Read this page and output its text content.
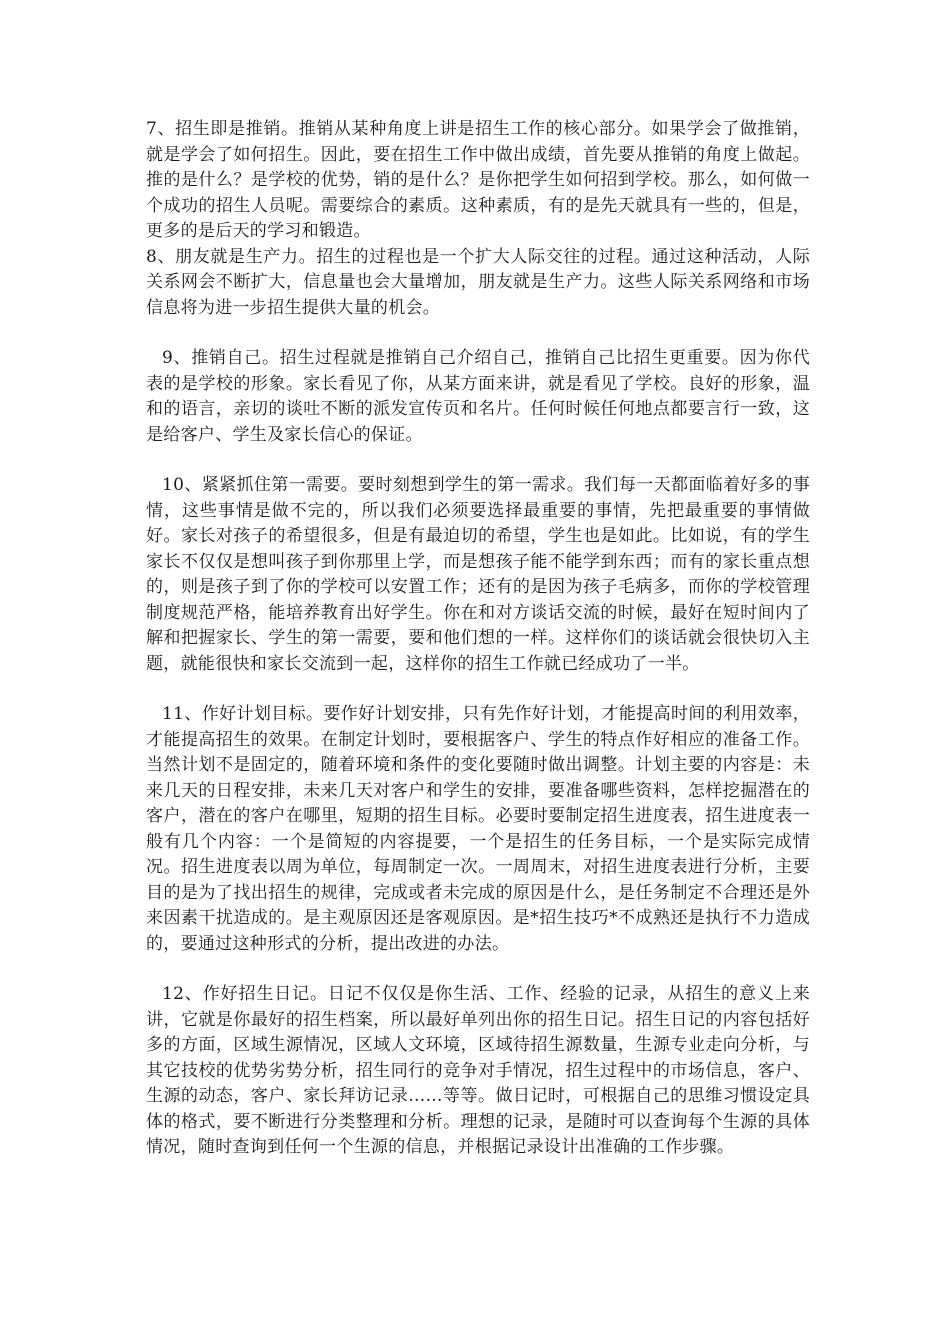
7、招生即是推销。推销从某种角度上讲是招生工作的核心部分。如果学会了做推销，就是学会了如何招生。因此，要在招生工作中做出成绩，首先要从推销的角度上做起。推的是什么？是学校的优势，销的是什么？是你把学生如何招到学校。那么，如何做一个成功的招生人员呢。需要综合的素质。这种素质，有的是先天就具有一些的，但是，更多的是后天的学习和锻造。

8、朋友就是生产力。招生的过程也是一个扩大人际交往的过程。通过这种活动，人际关系网会不断扩大，信息量也会大量增加，朋友就是生产力。这些人际关系网络和市场信息将为进一步招生提供大量的机会。

9、推销自己。招生过程就是推销自己介绍自己，推销自己比招生更重要。因为你代表的是学校的形象。家长看见了你，从某方面来讲，就是看见了学校。良好的形象，温和的语言，亲切的谈吐不断的派发宣传页和名片。任何时候任何地点都要言行一致，这是给客户、学生及家长信心的保证。

10、紧紧抓住第一需要。要时刻想到学生的第一需求。我们每一天都面临着好多的事情，这些事情是做不完的，所以我们必须要选择最重要的事情，先把最重要的事情做好。家长对孩子的希望很多，但是有最迫切的希望，学生也是如此。比如说，有的学生家长不仅仅是想叫孩子到你那里上学，而是想孩子能不能学到东西；而有的家长重点想的，则是孩子到了你的学校可以安置工作；还有的是因为孩子毛病多，而你的学校管理制度规范严格，能培养教育出好学生。你在和对方谈话交流的时候，最好在短时间内了解和把握家长、学生的第一需要，要和他们想的一样。这样你们的谈话就会很快切入主题，就能很快和家长交流到一起，这样你的招生工作就已经成功了一半。

11、作好计划目标。要作好计划安排，只有先作好计划，才能提高时间的利用效率，才能提高招生的效果。在制定计划时，要根据客户、学生的特点作好相应的准备工作。当然计划不是固定的，随着环境和条件的变化要随时做出调整。计划主要的内容是：未来几天的日程安排，未来几天对客户和学生的安排，要准备哪些资料，怎样挖掘潜在的客户，潜在的客户在哪里，短期的招生目标。必要时要制定招生进度表，招生进度表一般有几个内容：一个是简短的内容提要，一个是招生的任务目标，一个是实际完成情况。招生进度表以周为单位，每周制定一次。一周周末，对招生进度表进行分析，主要目的是为了找出招生的规律，完成或者未完成的原因是什么，是任务制定不合理还是外来因素干扰造成的。是主观原因还是客观原因。是*招生技巧*不成熟还是执行不力造成的，要通过这种形式的分析，提出改进的办法。

12、作好招生日记。日记不仅仅是你生活、工作、经验的记录，从招生的意义上来讲，它就是你最好的招生档案，所以最好单列出你的招生日记。招生日记的内容包括好多的方面，区域生源情况，区域人文环境，区域待招生源数量，生源专业走向分析，与其它技校的优势劣势分析，招生同行的竞争对手情况，招生过程中的市场信息，客户、生源的动态，客户、家长拜访记录……等等。做日记时，可根据自己的思维习惯设定具体的格式，要不断进行分类整理和分析。理想的记录，是随时可以查询每个生源的具体情况，随时查询到任何一个生源的信息，并根据记录设计出准确的工作步骤。
